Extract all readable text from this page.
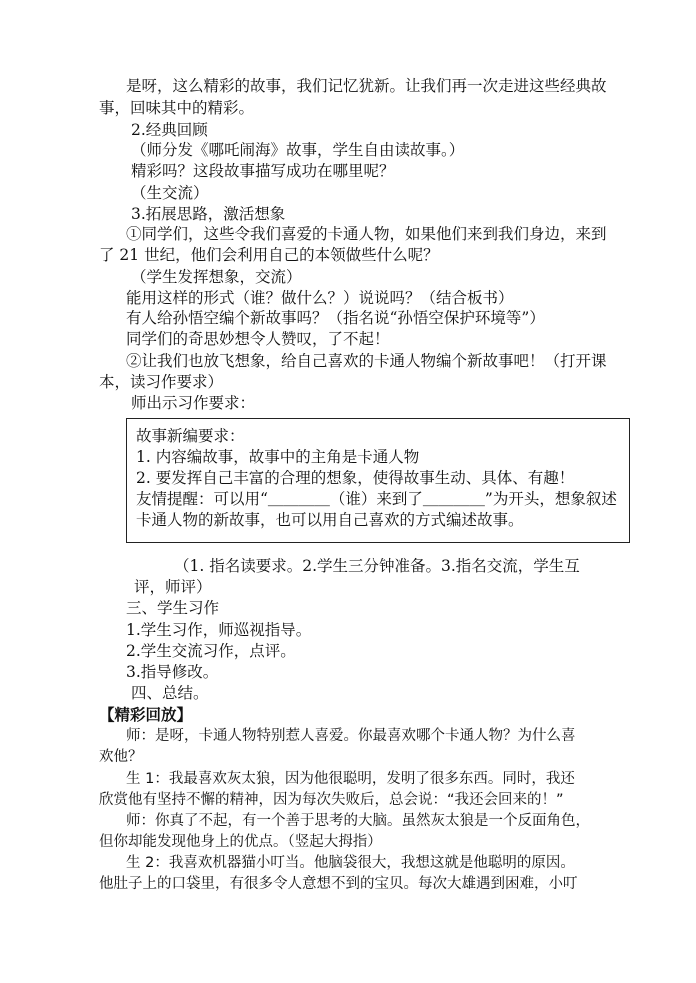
是呀，这么精彩的故事，我们记忆犹新。让我们再一次走进这些经典故
事，回味其中的精彩。
2.经典回顾
（师分发《哪吒闹海》故事，学生自由读故事。）
精彩吗？这段故事描写成功在哪里呢？
（生交流）
3.拓展思路，激活想象
①同学们，这些令我们喜爱的卡通人物，如果他们来到我们身边，来到
了 21 世纪，他们会利用自己的本领做些什么呢？
（学生发挥想象，交流）
能用这样的形式（谁？做什么？）说说吗？（结合板书）
有人给孙悟空编个新故事吗？（指名说“孙悟空保护环境等”）
同学们的奇思妙想令人赞叹，了不起！
②让我们也放飞想象，给自己喜欢的卡通人物编个新故事吧！（打开课
本，读习作要求）
师出示习作要求：
故事新编要求：
1. 内容编故事，故事中的主角是卡通人物
2. 要发挥自己丰富的合理的想象，使得故事生动、具体、有趣！
友情提醒：可以用“＿＿＿＿（谁）来到了＿＿＿＿”为开头，想象叙述
卡通人物的新故事，也可以用自己喜欢的方式编述故事。
（1. 指名读要求。2.学生三分钟准备。3.指名交流，学生互
评，师评）
三、学生习作
1.学生习作，师巡视指导。
2.学生交流习作，点评。
3.指导修改。
四、总结。
【精彩回放】
师：是呀，卡通人物特别惹人喜爱。你最喜欢哪个卡通人物？为什么喜
欢他？
生 1：我最喜欢灰太狼，因为他很聪明，发明了很多东西。同时，我还
欣赏他有坚持不懈的精神，因为每次失败后，总会说：“我还会回来的！”
师：你真了不起，有一个善于思考的大脑。虽然灰太狼是一个反面角色，
但你却能发现他身上的优点。（竖起大拇指）
生 2：我喜欢机器猫小叮当。他脑袋很大，我想这就是他聪明的原因。
他肚子上的口袋里，有很多令人意想不到的宝贝。每次大雄遇到困难，小叮
